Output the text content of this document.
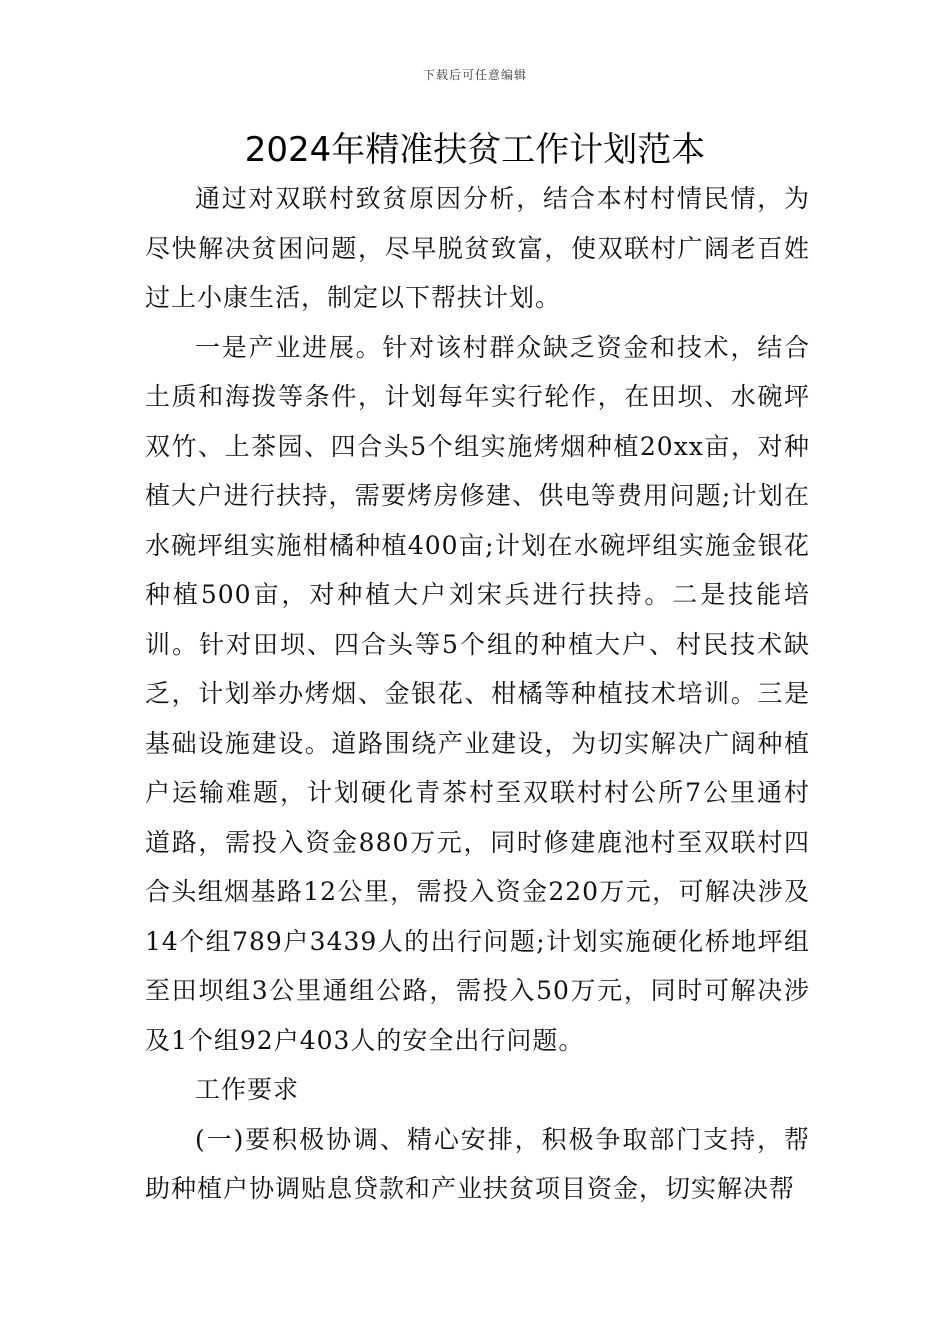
下载后可任意编辑
2024年精准扶贫工作计划范本

通过对双联村致贫原因分析，结合本村村情民情，为尽快解决贫困问题，尽早脱贫致富，使双联村广阔老百姓过上小康生活，制定以下帮扶计划。

一是产业进展。针对该村群众缺乏资金和技术，结合土质和海拨等条件，计划每年实行轮作，在田坝、水碗坪双竹、上茶园、四合头5个组实施烤烟种植20xx亩，对种植大户进行扶持，需要烤房修建、供电等费用问题;计划在水碗坪组实施柑橘种植400亩;计划在水碗坪组实施金银花种植500亩，对种植大户刘宋兵进行扶持。二是技能培训。针对田坝、四合头等5个组的种植大户、村民技术缺乏，计划举办烤烟、金银花、柑橘等种植技术培训。三是基础设施建设。道路围绕产业建设，为切实解决广阔种植户运输难题，计划硬化青茶村至双联村村公所7公里通村道路，需投入资金880万元，同时修建鹿池村至双联村四合头组烟基路12公里，需投入资金220万元，可解决涉及14个组789户3439人的出行问题;计划实施硬化桥地坪组至田坝组3公里通组公路，需投入50万元，同时可解决涉及1个组92户403人的安全出行问题。

工作要求

(一)要积极协调、精心安排，积极争取部门支持，帮助种植户协调贴息贷款和产业扶贫项目资金，切实解决帮
